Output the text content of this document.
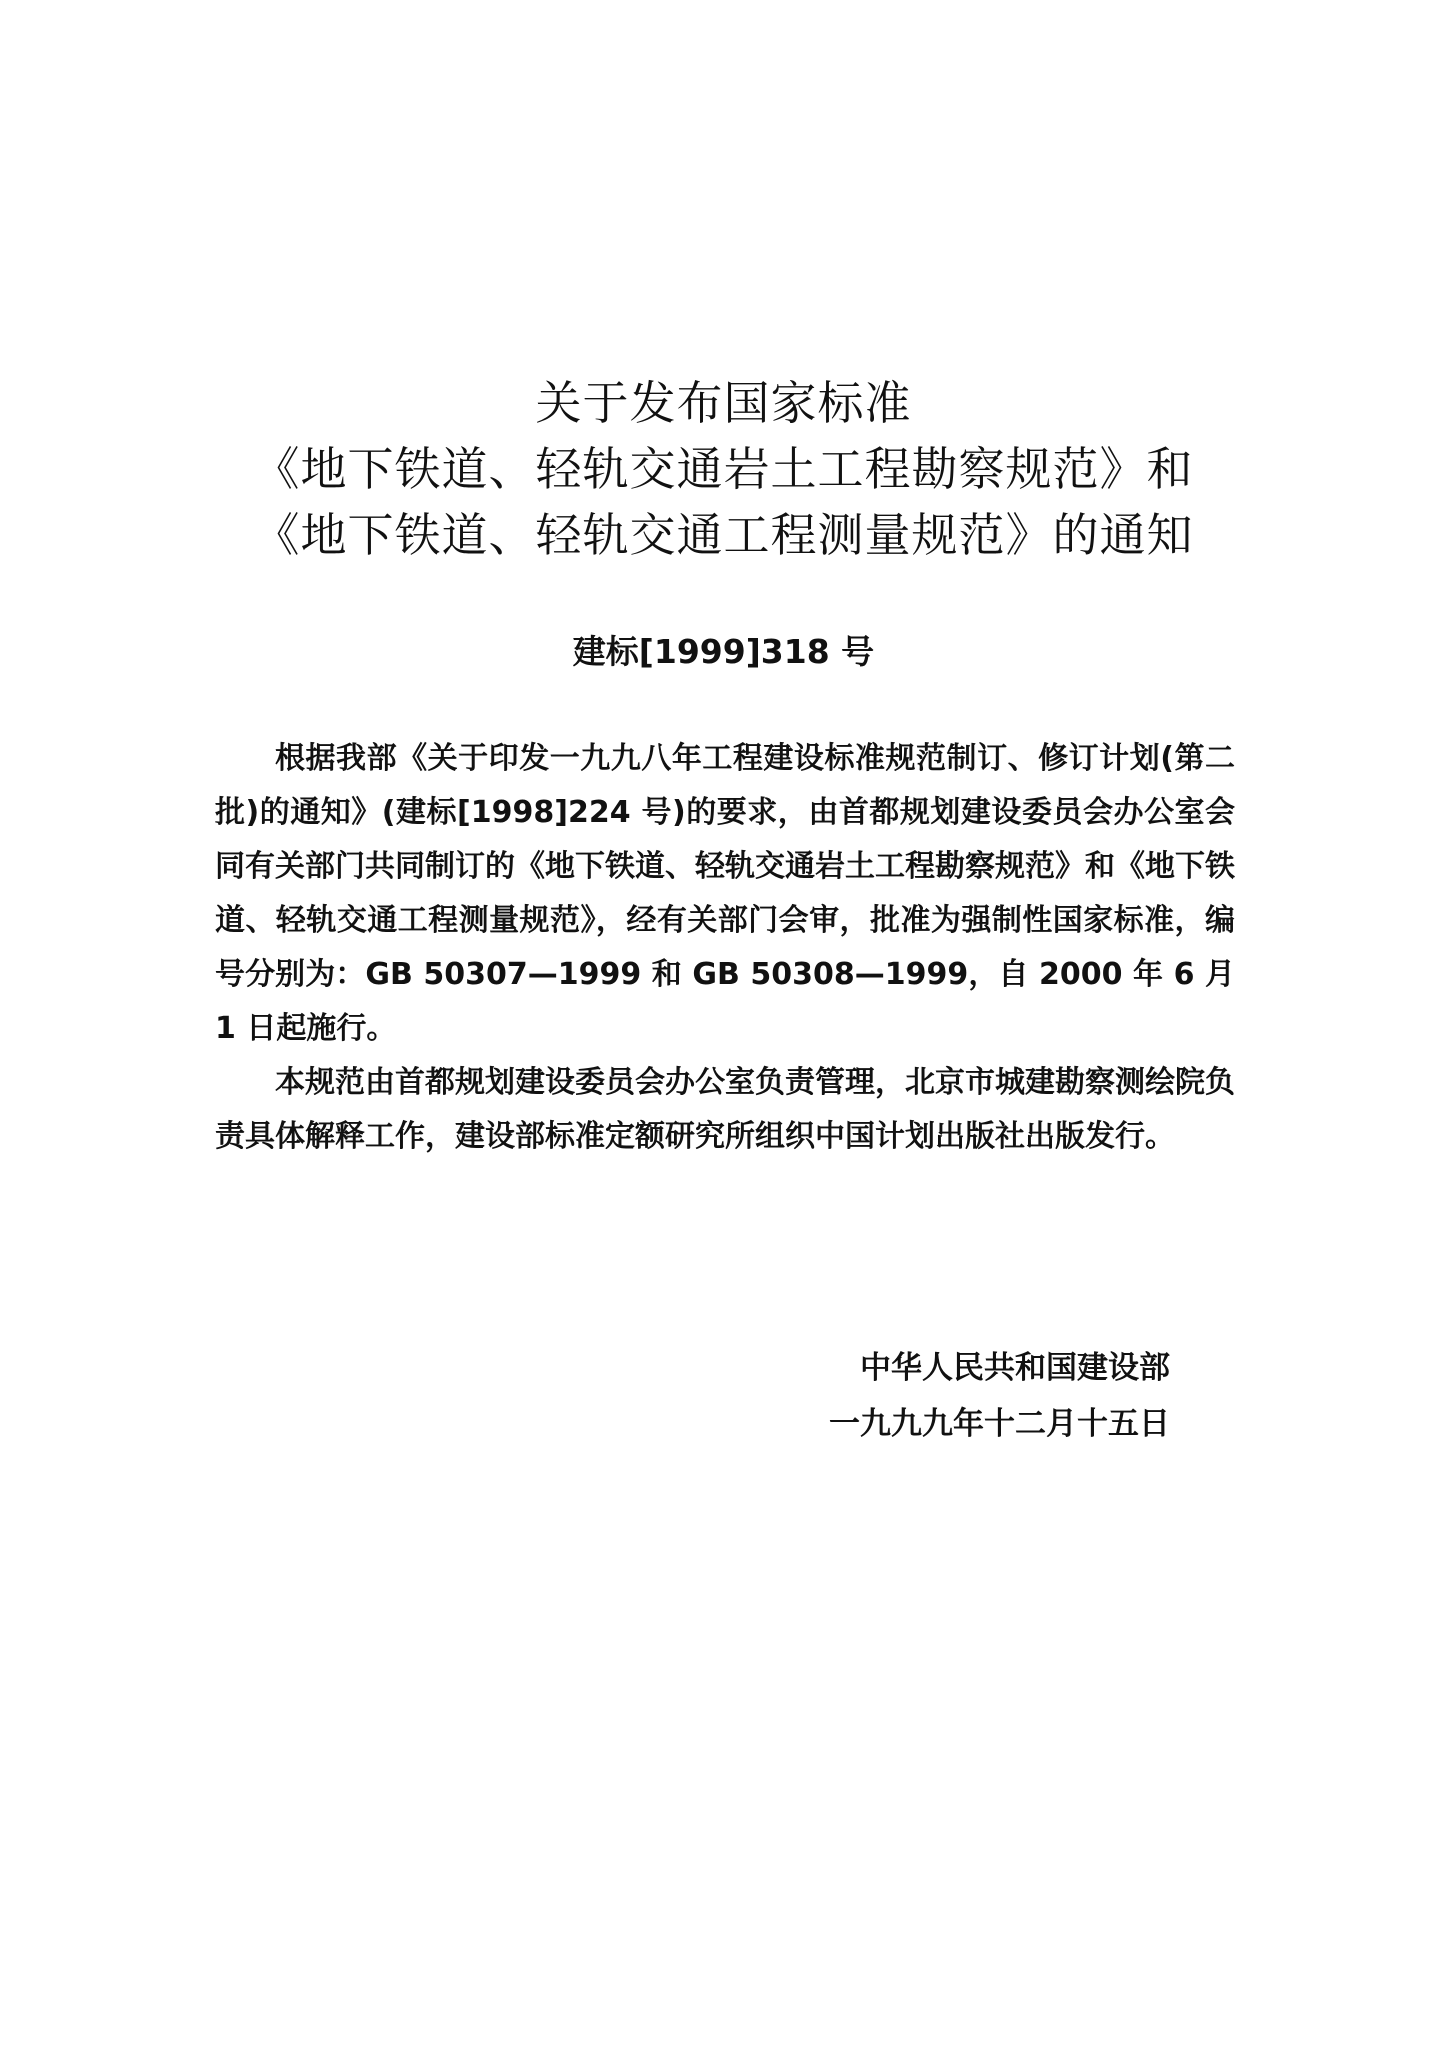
关于发布国家标准
《地下铁道、轻轨交通岩土工程勘察规范》和
《地下铁道、轻轨交通工程测量规范》的通知
建标[1999]318 号

根据我部《关于印发一九九八年工程建设标准规范制订、修订计划(第二批)的通知》(建标[1998]224 号)的要求，由首都规划建设委员会办公室会同有关部门共同制订的《地下铁道、轻轨交通岩土工程勘察规范》和《地下铁道、轻轨交通工程测量规范》，经有关部门会审，批准为强制性国家标准，编号分别为：GB 50307—1999 和 GB 50308—1999，自 2000 年 6 月 1 日起施行。

本规范由首都规划建设委员会办公室负责管理，北京市城建勘察测绘院负责具体解释工作，建设部标准定额研究所组织中国计划出版社出版发行。

中华人民共和国建设部
一九九九年十二月十五日
